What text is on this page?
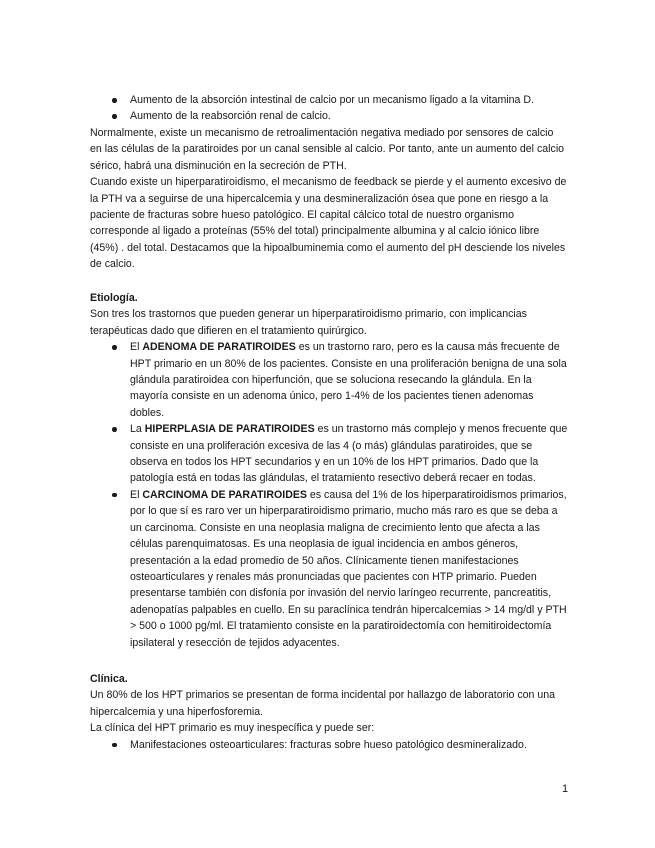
Aumento de la absorción intestinal de calcio por un mecanismo ligado a la vitamina D.
Aumento de la reabsorción renal de calcio.

Normalmente, existe un mecanismo de retroalimentación negativa mediado por sensores de calcio en las células de la paratiroides por un canal sensible al calcio. Por tanto, ante un aumento del calcio sérico, habrá una disminución en la secreción de PTH.

Cuando existe un hiperparatiroidismo, el mecanismo de feedback se pierde y el aumento excesivo de la PTH va a seguirse de una hipercalcemia y una desmineralización ósea que pone en riesgo a la paciente de fracturas sobre hueso patológico. El capital cálcico total de nuestro organismo corresponde al ligado a proteínas (55% del total) principalmente albumina y al calcio iónico libre (45%) . del total. Destacamos que la hipoalbuminemia como el aumento del pH desciende los niveles de calcio.

Etiología.

Son tres los trastornos que pueden generar un hiperparatiroidismo primario, con implicancias terapéuticas dado que difieren en el tratamiento quirúrgico.

El ADENOMA DE PARATIROIDES es un trastorno raro, pero es la causa más frecuente de HPT primario en un 80% de los pacientes. Consiste en una proliferación benigna de una sola glándula paratiroidea con hiperfunción, que se soluciona resecando la glándula. En la mayoría consiste en un adenoma único, pero 1-4% de los pacientes tienen adenomas dobles.
La HIPERPLASIA DE PARATIROIDES es un trastorno más complejo y menos frecuente que consiste en una proliferación excesiva de las 4 (o más) glándulas paratiroides, que se observa en todos los HPT secundarios y en un 10% de los HPT primarios. Dado que la patología está en todas las glándulas, el tratamiento resectivo deberá recaer en todas.
El CARCINOMA DE PARATIROIDES es causa del 1% de los hiperparatiroidismos primarios, por lo que sí es raro ver un hiperparatiroidismo primario, mucho más raro es que se deba a un carcinoma. Consiste en una neoplasia maligna de crecimiento lento que afecta a las células parenquimatosas. Es una neoplasia de igual incidencia en ambos géneros, presentación a la edad promedio de 50 años. Clínicamente tienen manifestaciones osteoarticulares y renales más pronunciadas que pacientes con HTP primario. Pueden presentarse también con disfonía por invasión del nervio laríngeo recurrente, pancreatitis, adenopatías palpables en cuello. En su paraclínica tendrán hipercalcemias > 14 mg/dl y PTH > 500 o 1000 pg/ml. El tratamiento consiste en la paratiroidectomía con hemitiroidectomía ipsilateral y resección de tejidos adyacentes.

Clínica.

Un 80% de los HPT primarios se presentan de forma incidental por hallazgo de laboratorio con una hipercalcemia y una hiperfosforemia.

La clínica del HPT primario es muy inespecífica y puede ser:

Manifestaciones osteoarticulares: fracturas sobre hueso patológico desmineralizado.
1
